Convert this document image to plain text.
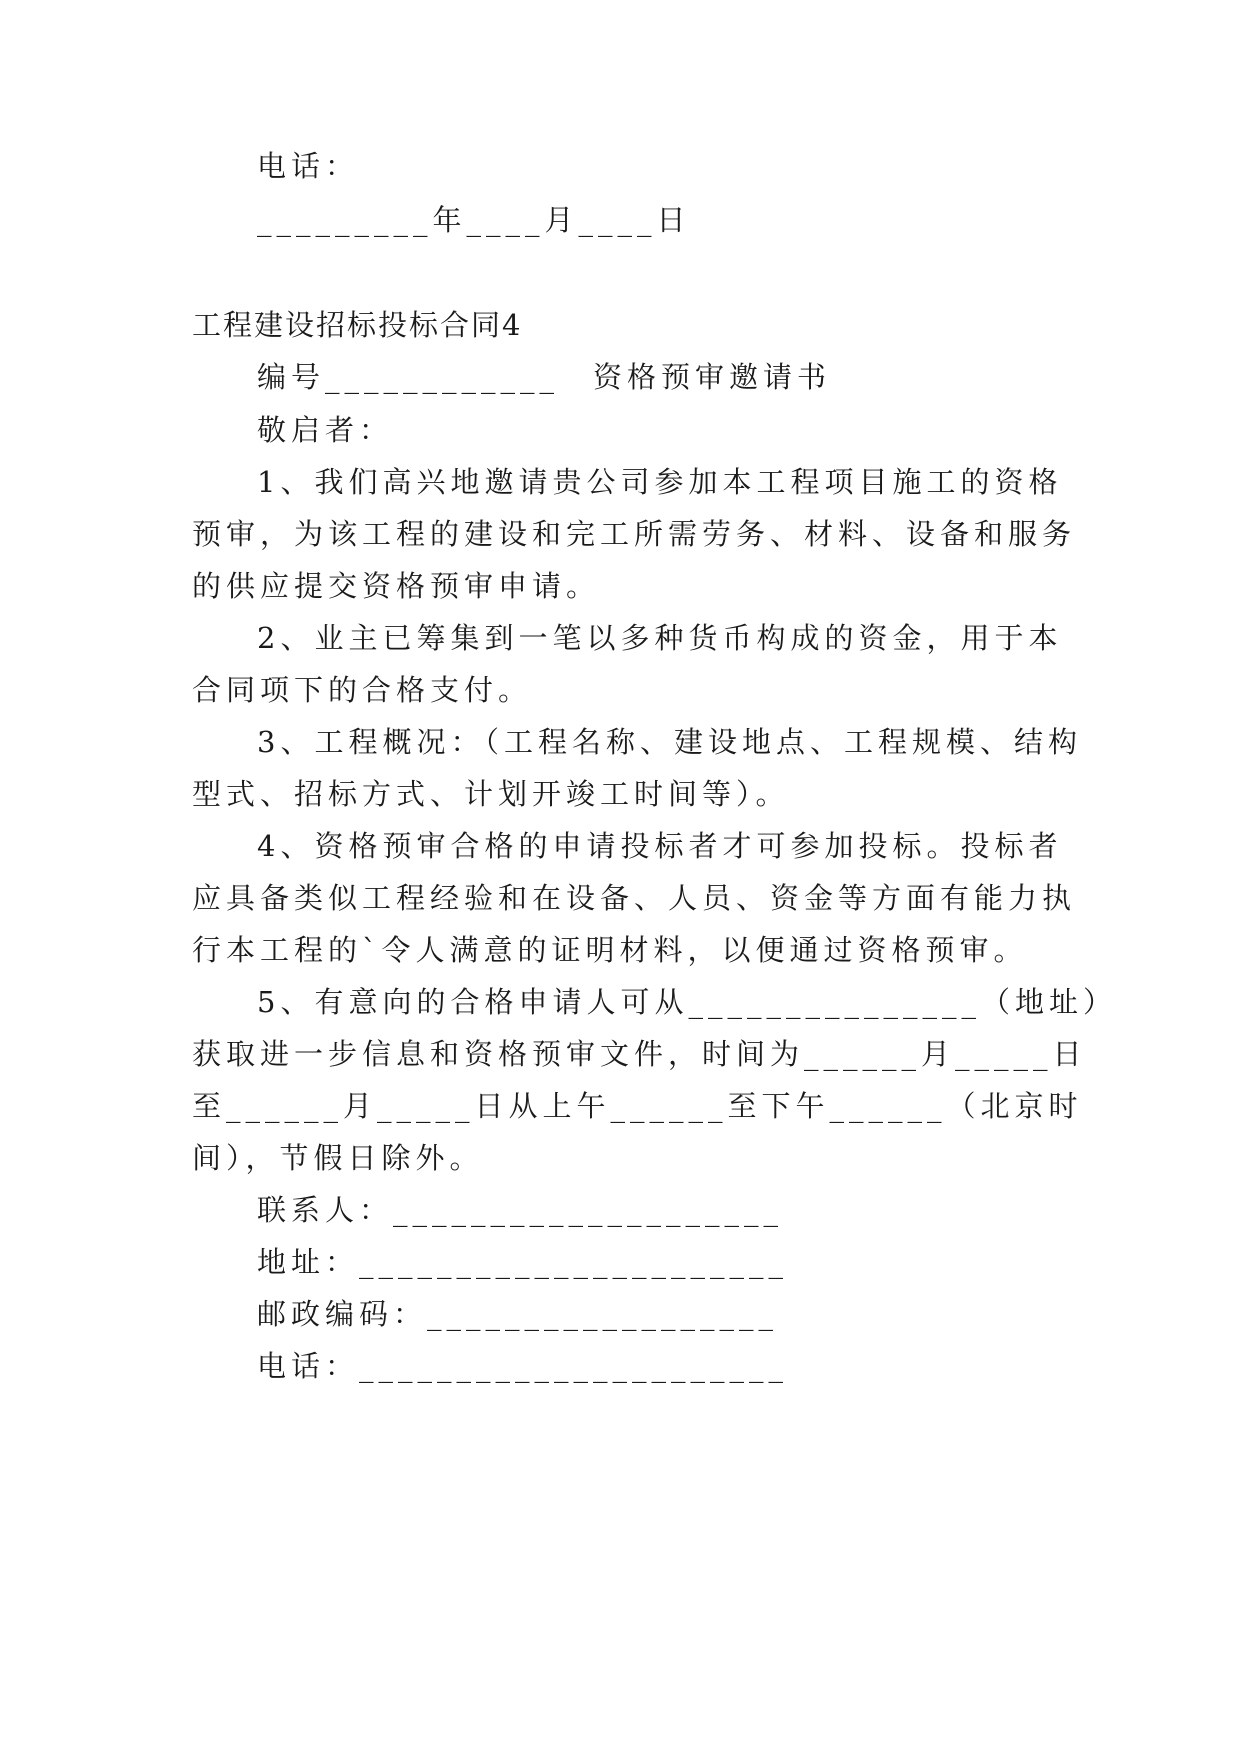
电话：
_________年____月____日
工程建设招标投标合同4
编号____________　资格预审邀请书
敬启者：
1、我们高兴地邀请贵公司参加本工程项目施工的资格
预审，为该工程的建设和完工所需劳务、材料、设备和服务
的供应提交资格预审申请。
2、业主已筹集到一笔以多种货币构成的资金，用于本
合同项下的合格支付。
3、工程概况：（工程名称、建设地点、工程规模、结构
型式、招标方式、计划开竣工时间等）。
4、资格预审合格的申请投标者才可参加投标。投标者
应具备类似工程经验和在设备、人员、资金等方面有能力执
行本工程的`令人满意的证明材料，以便通过资格预审。
5、有意向的合格申请人可从_______________（地址）
获取进一步信息和资格预审文件，时间为______月_____日
至______月_____日从上午______至下午______（北京时
间），节假日除外。
联系人：____________________
地址：______________________
邮政编码：__________________
电话：______________________
